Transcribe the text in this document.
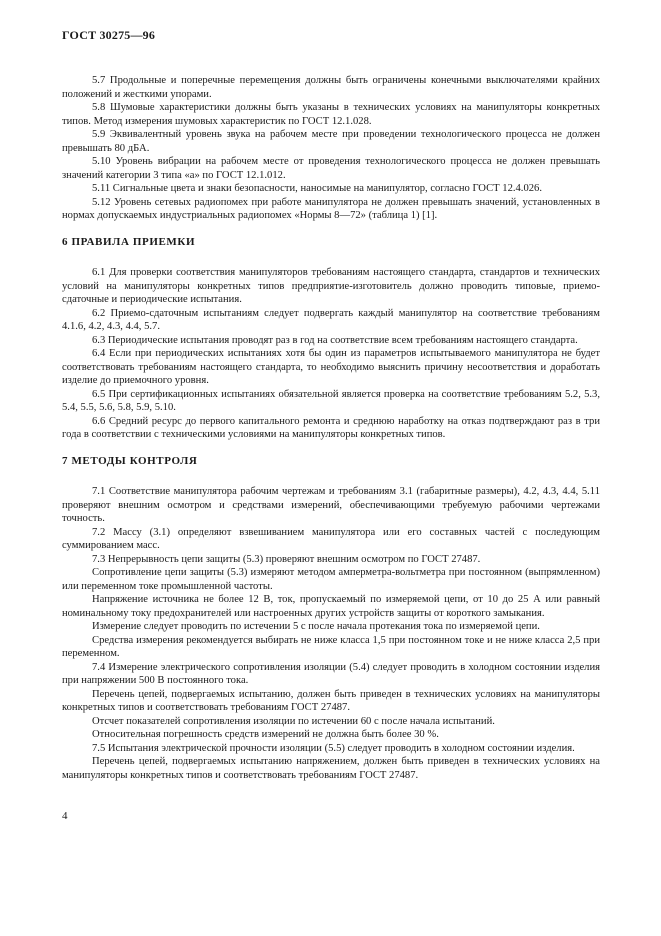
ГОСТ 30275—96

5.7 Продольные и поперечные перемещения должны быть ограничены конечными выключателями крайних положений и жесткими упорами.

5.8 Шумовые характеристики должны быть указаны в технических условиях на манипуляторы конкретных типов. Метод измерения шумовых характеристик по ГОСТ 12.1.028.

5.9 Эквивалентный уровень звука на рабочем месте при проведении технологического процесса не должен превышать 80 дБА.

5.10 Уровень вибрации на рабочем месте от проведения технологического процесса не должен превышать значений категории 3 типа «а» по ГОСТ 12.1.012.

5.11 Сигнальные цвета и знаки безопасности, наносимые на манипулятор, согласно ГОСТ 12.4.026.

5.12 Уровень сетевых радиопомех при работе манипулятора не должен превышать значений, установленных в нормах допускаемых индустриальных радиопомех «Нормы 8—72» (таблица 1) [1].

6 ПРАВИЛА ПРИЕМКИ

6.1 Для проверки соответствия манипуляторов требованиям настоящего стандарта, стандартов и технических условий на манипуляторы конкретных типов предприятие-изготовитель должно проводить типовые, приемо-сдаточные и периодические испытания.

6.2 Приемо-сдаточным испытаниям следует подвергать каждый манипулятор на соответствие требованиям 4.1.6, 4.2, 4.3, 4.4, 5.7.

6.3 Периодические испытания проводят раз в год на соответствие всем требованиям настоящего стандарта.

6.4 Если при периодических испытаниях хотя бы один из параметров испытываемого манипулятора не будет соответствовать требованиям настоящего стандарта, то необходимо выяснить причину несоответствия и доработать изделие до приемочного уровня.

6.5 При сертификационных испытаниях обязательной является проверка на соответствие требованиям 5.2, 5.3, 5.4, 5.5, 5.6, 5.8, 5.9, 5.10.

6.6 Средний ресурс до первого капитального ремонта и среднюю наработку на отказ подтверждают раз в три года в соответствии с техническими условиями на манипуляторы конкретных типов.

7 МЕТОДЫ КОНТРОЛЯ

7.1 Соответствие манипулятора рабочим чертежам и требованиям 3.1 (габаритные размеры), 4.2, 4.3, 4.4, 5.11 проверяют внешним осмотром и средствами измерений, обеспечивающими требуемую рабочими чертежами точность.

7.2 Массу (3.1) определяют взвешиванием манипулятора или его составных частей с последующим суммированием масс.

7.3 Непрерывность цепи защиты (5.3) проверяют внешним осмотром по ГОСТ 27487.

Сопротивление цепи защиты (5.3) измеряют методом амперметра-вольтметра при постоянном (выпрямленном) или переменном токе промышленной частоты.

Напряжение источника не более 12 В, ток, пропускаемый по измеряемой цепи, от 10 до 25 А или равный номинальному току предохранителей или настроенных других устройств защиты от короткого замыкания.

Измерение следует проводить по истечении 5 с после начала протекания тока по измеряемой цепи.

Средства измерения рекомендуется выбирать не ниже класса 1,5 при постоянном токе и не ниже класса 2,5 при переменном.

7.4 Измерение электрического сопротивления изоляции (5.4) следует проводить в холодном состоянии изделия при напряжении 500 В постоянного тока.

Перечень цепей, подвергаемых испытанию, должен быть приведен в технических условиях на манипуляторы конкретных типов и соответствовать требованиям ГОСТ 27487.

Отсчет показателей сопротивления изоляции по истечении 60 с после начала испытаний.

Относительная погрешность средств измерений не должна быть более 30 %.

7.5 Испытания электрической прочности изоляции (5.5) следует проводить в холодном состоянии изделия.

Перечень цепей, подвергаемых испытанию напряжением, должен быть приведен в технических условиях на манипуляторы конкретных типов и соответствовать требованиям ГОСТ 27487.

4
